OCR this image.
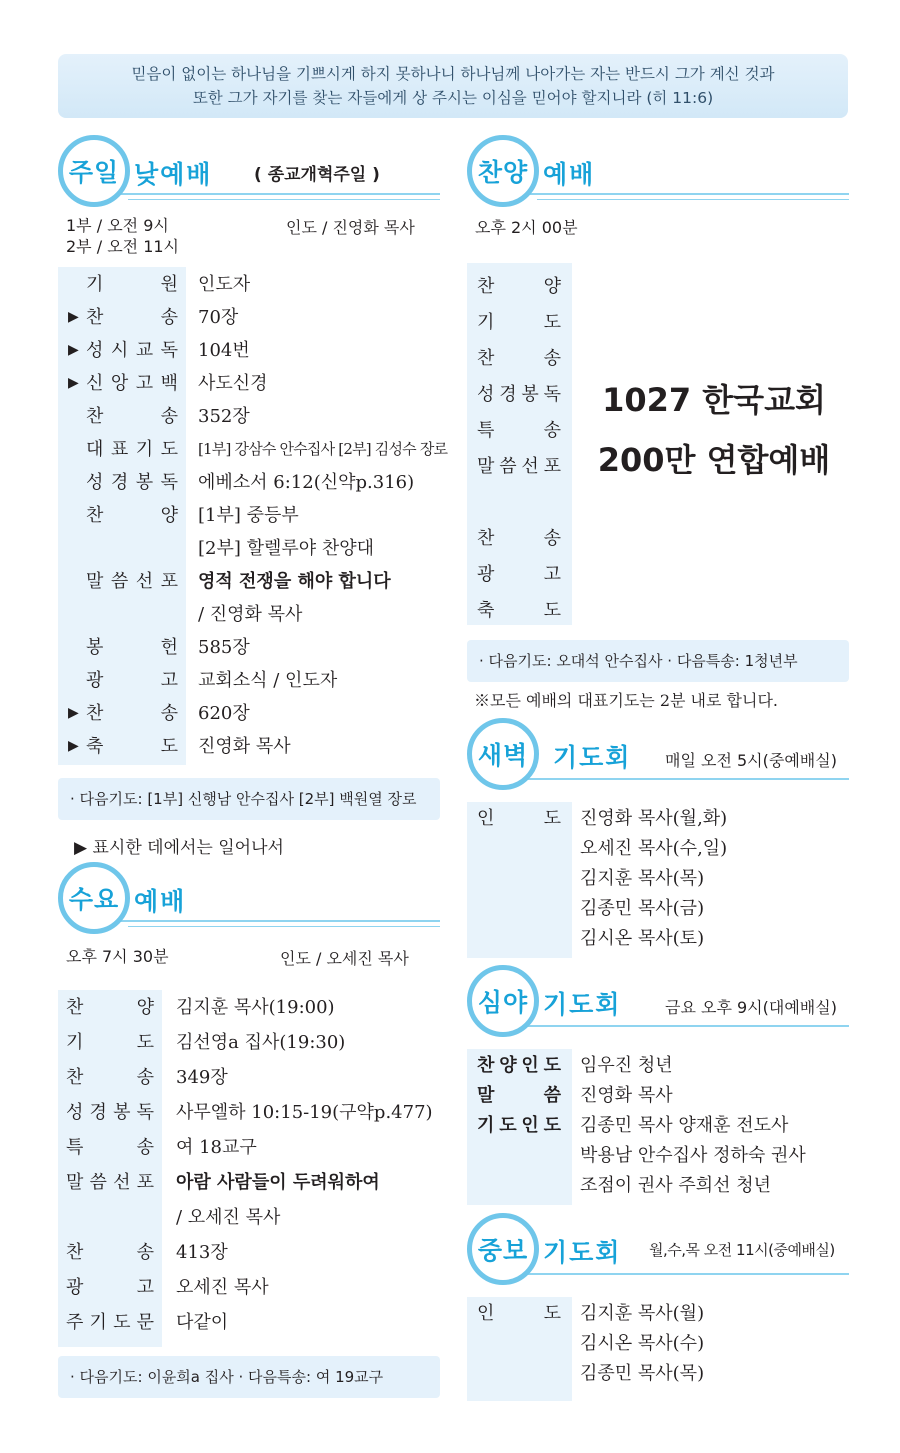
믿음이 없이는 하나님을 기쁘시게 하지 못하나니 하나님께 나아가는 자는 반드시 그가 계신 것과
또한 그가 자기를 찾는 자들에게 상 주시는 이심을 믿어야 할지니라 (히 11:6)
주일 낮예배 ( 종교개혁주일 )
1부 / 오전 9시
2부 / 오전 11시
인도 / 진영화 목사
기	원 인도자
▶ 찬	송 70장
▶ 성 시 교 독 104번
▶ 신 앙 고 백 사도신경
찬	송 352장
대 표 기 도 [1부] 강삼수 안수집사 [2부] 김성수 장로
성 경 봉 독 에베소서 6:12(신약p.316)
찬	양 [1부] 중등부
[2부] 할렐루야 찬양대
말 씀 선 포 영적 전쟁을 해야 합니다
/ 진영화 목사
봉	헌 585장
광	고 교회소식 / 인도자
▶ 찬	송 620장
▶ 축	도 진영화 목사
· 다음기도: [1부] 신행남 안수집사 [2부] 백원열 장로
▶ 표시한 데에서는 일어나서
수요 예배
오후 7시 30분	인도 / 오세진 목사
찬	양 김지훈 목사(19:00)
기	도 김선영a 집사(19:30)
찬	송 349장
성 경 봉 독 사무엘하 10:15-19(구약p.477)
특	송 여 18교구
말 씀 선 포 아람 사람들이 두려워하여
/ 오세진 목사
찬	송 413장
광	고 오세진 목사
주 기 도 문 다같이
· 다음기도: 이윤희a 집사 · 다음특송: 여 19교구
찬양 예배
오후 2시 00분
찬	양
기	도
찬	송
성 경 봉 독
특	송
말 씀 선 포
찬	송
광	고
축	도
1027 한국교회
200만 연합예배
· 다음기도: 오대석 안수집사 · 다음특송: 1청년부
※모든 예배의 대표기도는 2분 내로 합니다.
새벽 기도회 매일 오전 5시(중예배실)
인	도 진영화 목사(월,화)
오세진 목사(수,일)
김지훈 목사(목)
김종민 목사(금)
김시온 목사(토)
심야 기도회	금요 오후 9시(대예배실)
찬 양 인 도 임우진 청년
말	씀 진영화 목사
기 도 인 도 김종민 목사 양재훈 전도사
박용남 안수집사 정하숙 권사
조점이 권사 주희선 청년
중보 기도회 월,수,목 오전 11시(중예배실)
인	도 김지훈 목사(월)
김시온 목사(수)
김종민 목사(목)
